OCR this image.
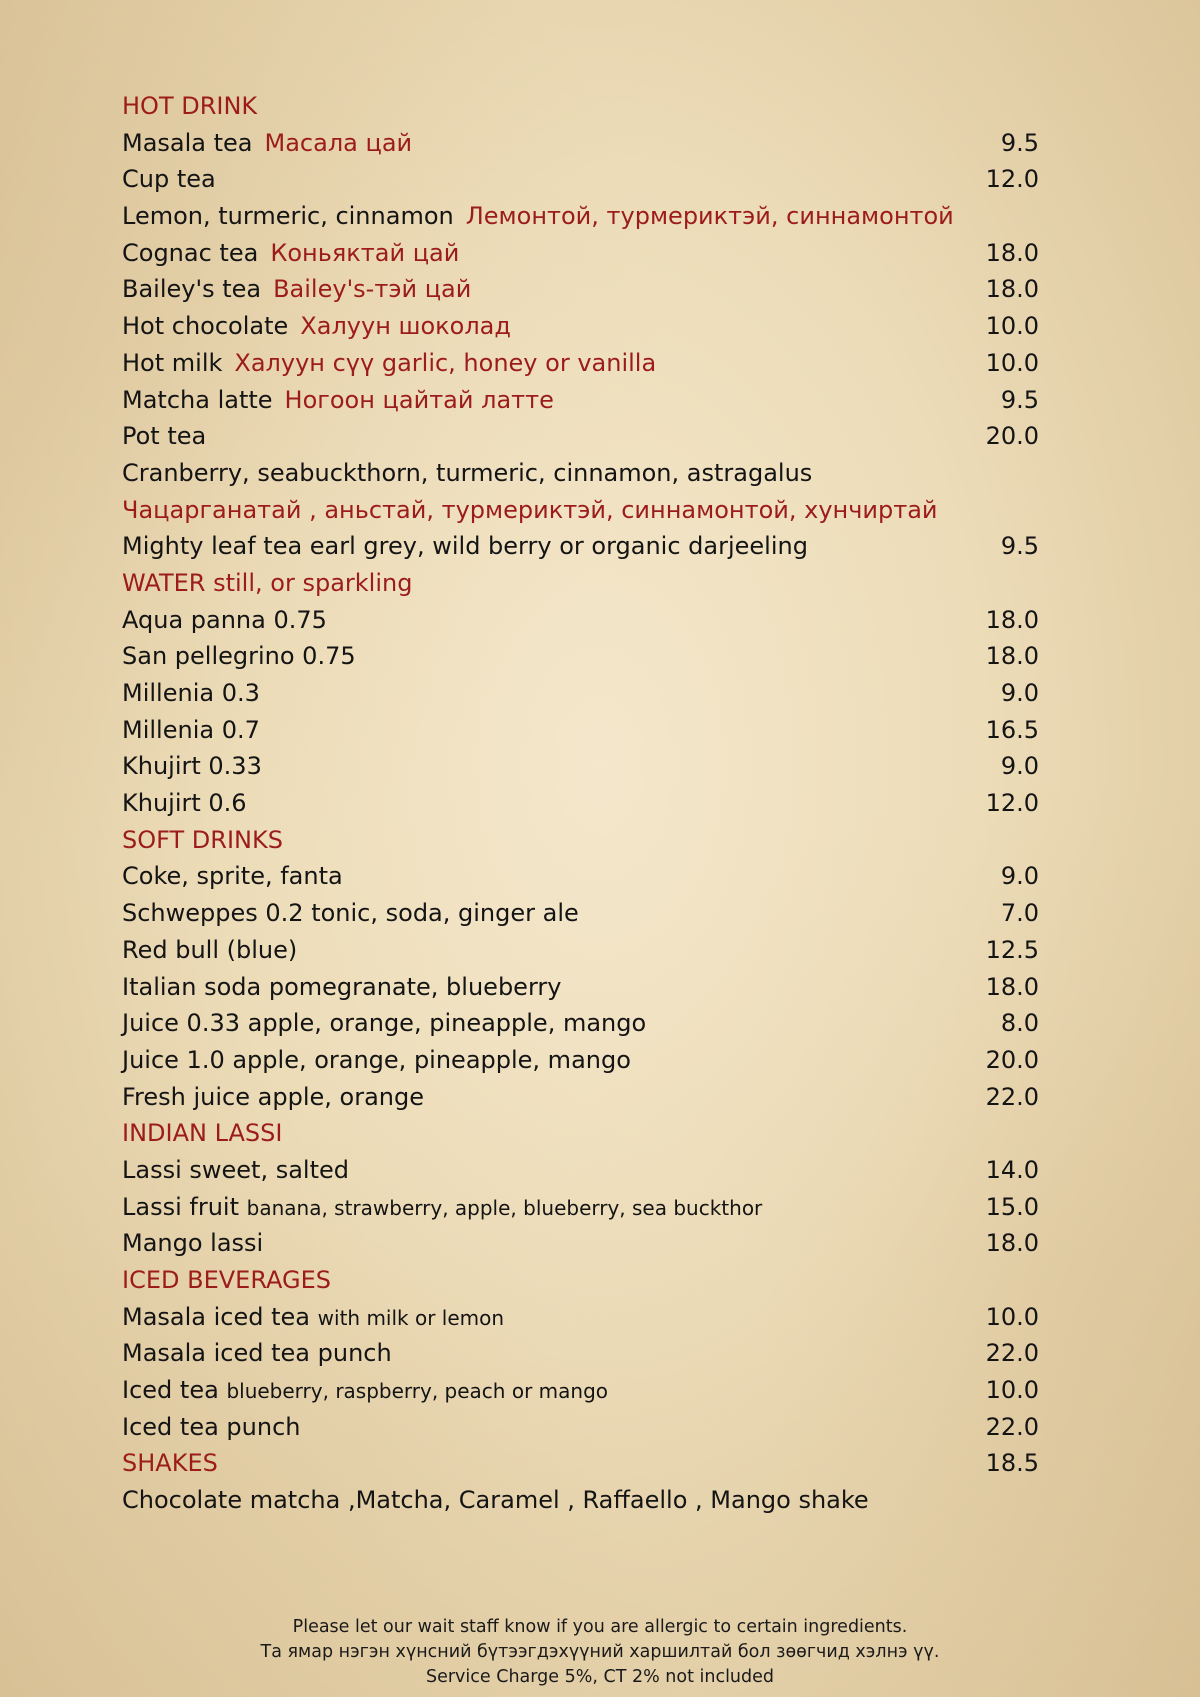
HOT DRINK
Masala tea Масала цай	9.5
Cup tea	12.0
Lemon, turmeric, cinnamon Лемонтой, турмериктэй, синнамонтой
Cognac tea Коньяктай цай	18.0
Bailey's tea Bailey's-тэй цай	18.0
Hot chocolate Халуун шоколад	10.0
Hot milk Халуун сүү garlic, honey or vanilla	10.0
Matcha latte Ногоон цайтай латте	9.5
Pot tea	20.0
Cranberry, seabuckthorn, turmeric, cinnamon, astragalus
Чацарганатай , аньстай, турмериктэй, синнамонтой, хунчиртай
Mighty leaf tea earl grey, wild berry or organic darjeeling	9.5
WATER still, or sparkling
Aqua panna 0.75	18.0
San pellegrino 0.75	18.0
Millenia 0.3	9.0
Millenia 0.7	16.5
Khujirt 0.33	9.0
Khujirt 0.6	12.0
SOFT DRINKS
Coke, sprite, fanta	9.0
Schweppes 0.2 tonic, soda, ginger ale	7.0
Red bull (blue)	12.5
Italian soda pomegranate, blueberry	18.0
Juice 0.33 apple, orange, pineapple, mango	8.0
Juice 1.0 apple, orange, pineapple, mango	20.0
Fresh juice apple, orange	22.0
INDIAN LASSI
Lassi sweet, salted	14.0
Lassi fruit banana, strawberry, apple, blueberry, sea buckthor	15.0
Mango lassi	18.0
ICED BEVERAGES
Masala iced tea with milk or lemon	10.0
Masala iced tea punch	22.0
Iced tea blueberry, raspberry, peach or mango	10.0
Iced tea punch	22.0
SHAKES	18.5
Chocolate matcha ,Matcha, Caramel , Raffaello , Mango shake
Please let our wait staff know if you are allergic to certain ingredients.
Та ямар нэгэн хүнсний бүтээгдэхүүний харшилтай бол зөөгчид хэлнэ үү.
Service Charge 5%, CT 2% not included
